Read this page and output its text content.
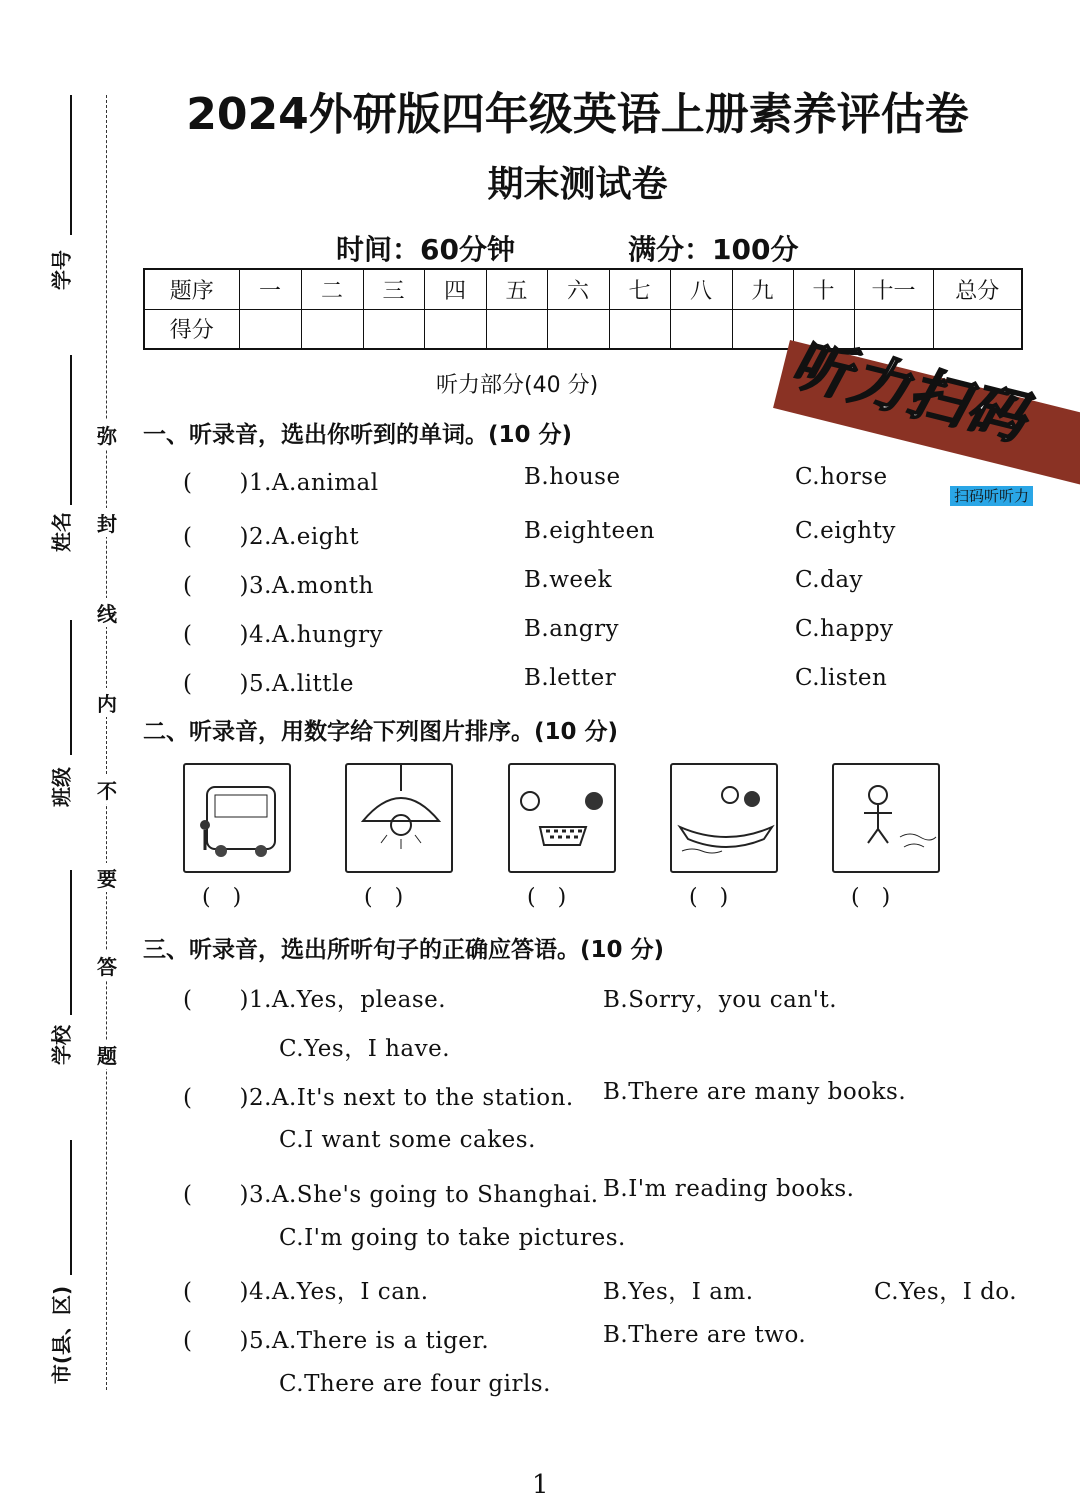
学号
姓名
班级
学校
市(县、区)
弥
封
线
内
不
要
答
题
2024外研版四年级英语上册素养评估卷
期末测试卷
时间：60分钟	满分：100分
题序	一	二	三	四	五	六	七	八	九	十	十一	总分
得分													听力扫码
扫码听听力
听力部分(40 分)
一、听录音，选出你听到的单词。(10 分)
(　　)1.A.animal	B.house	C.horse
(　　)2.A.eight	B.eighteen	C.eighty
(　　)3.A.month	B.week	C.day
(　　)4.A.hungry	B.angry	C.happy
(　　)5.A.little	B.letter	C.listen
二、听录音，用数字给下列图片排序。(10 分)
(　)	(　)	(　)	(　)	(　)
三、听录音，选出所听句子的正确应答语。(10 分)
(　　)1.A.Yes，please.	B.Sorry，you can't.
C.Yes，I have.
(　　)2.A.It's next to the station. B.There are many books.
C.I want some cakes.
(　　)3.A.She's going to Shanghai. B.I'm reading books.
C.I'm going to take pictures.
(　　)4.A.Yes，I can.	B.Yes，I am.	C.Yes，I do.
(　　)5.A.There is a tiger.	B.There are two.
C.There are four girls.
1
